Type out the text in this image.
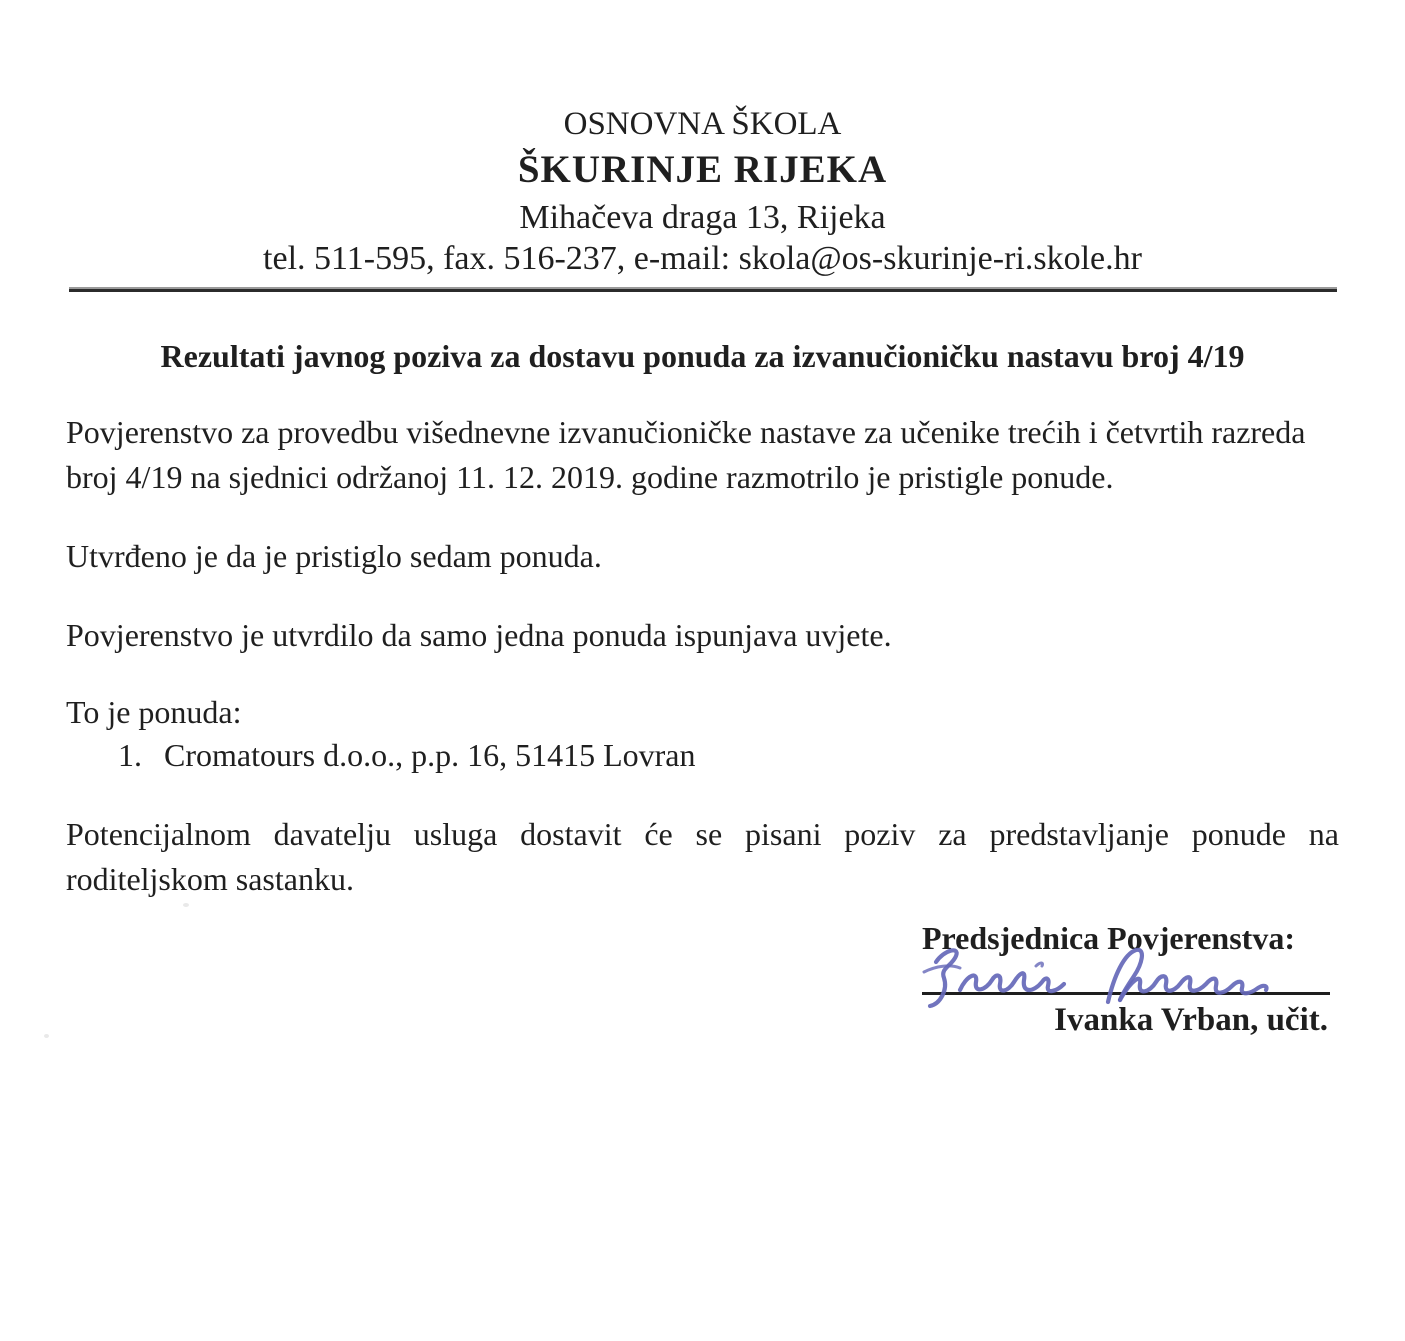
OSNOVNA ŠKOLA
ŠKURINJE RIJEKA
Mihačeva draga 13, Rijeka
tel. 511-595, fax. 516-237, e-mail: skola@os-skurinje-ri.skole.hr
Rezultati javnog poziva za dostavu ponuda za izvanučioničku nastavu broj 4/19

Povjerenstvo za provedbu višednevne izvanučioničke nastave za učenike trećih i četvrtih razreda broj 4/19 na sjednici održanoj 11. 12. 2019. godine razmotrilo je pristigle ponude.

Utvrđeno je da je pristiglo sedam ponuda.

Povjerenstvo je utvrdilo da samo jedna ponuda ispunjava uvjete.

To je ponuda:

1. Cromatours d.o.o., p.p. 16, 51415 Lovran

Potencijalnom davatelju usluga dostavit će se pisani poziv za predstavljanje ponude na roditeljskom sastanku.

Predsjednica Povjerenstva:
Ivanka Vrban, učit.
